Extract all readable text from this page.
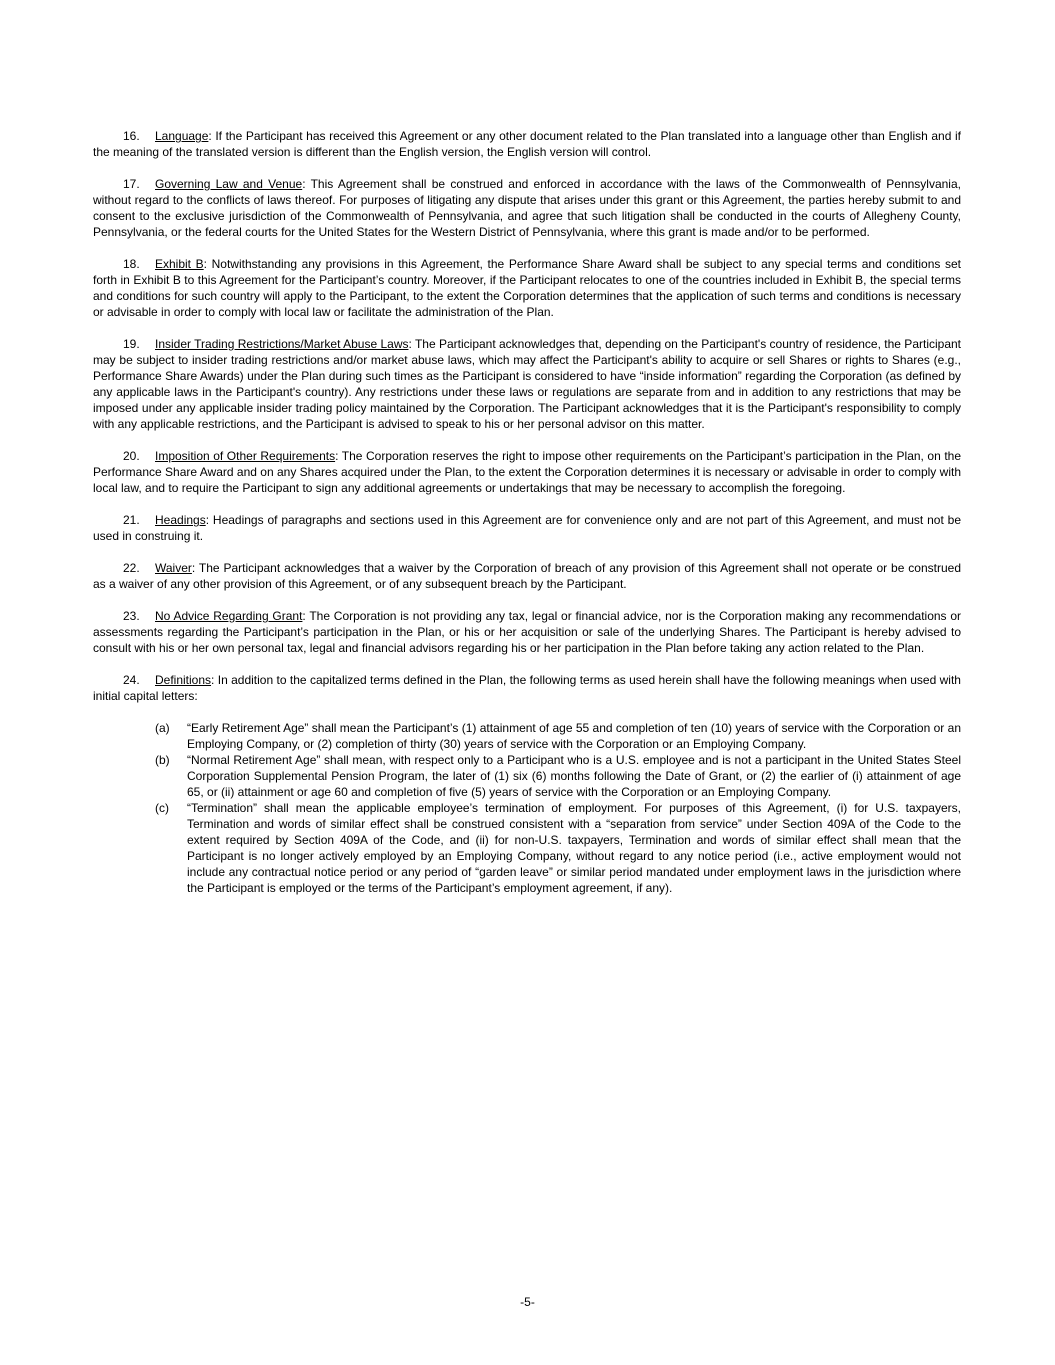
16. Language: If the Participant has received this Agreement or any other document related to the Plan translated into a language other than English and if the meaning of the translated version is different than the English version, the English version will control.

17. Governing Law and Venue: This Agreement shall be construed and enforced in accordance with the laws of the Commonwealth of Pennsylvania, without regard to the conflicts of laws thereof. For purposes of litigating any dispute that arises under this grant or this Agreement, the parties hereby submit to and consent to the exclusive jurisdiction of the Commonwealth of Pennsylvania, and agree that such litigation shall be conducted in the courts of Allegheny County, Pennsylvania, or the federal courts for the United States for the Western District of Pennsylvania, where this grant is made and/or to be performed.

18. Exhibit B: Notwithstanding any provisions in this Agreement, the Performance Share Award shall be subject to any special terms and conditions set forth in Exhibit B to this Agreement for the Participant’s country. Moreover, if the Participant relocates to one of the countries included in Exhibit B, the special terms and conditions for such country will apply to the Participant, to the extent the Corporation determines that the application of such terms and conditions is necessary or advisable in order to comply with local law or facilitate the administration of the Plan.

19. Insider Trading Restrictions/Market Abuse Laws: The Participant acknowledges that, depending on the Participant's country of residence, the Participant may be subject to insider trading restrictions and/or market abuse laws, which may affect the Participant's ability to acquire or sell Shares or rights to Shares (e.g., Performance Share Awards) under the Plan during such times as the Participant is considered to have “inside information” regarding the Corporation (as defined by any applicable laws in the Participant's country). Any restrictions under these laws or regulations are separate from and in addition to any restrictions that may be imposed under any applicable insider trading policy maintained by the Corporation. The Participant acknowledges that it is the Participant's responsibility to comply with any applicable restrictions, and the Participant is advised to speak to his or her personal advisor on this matter.

20. Imposition of Other Requirements: The Corporation reserves the right to impose other requirements on the Participant’s participation in the Plan, on the Performance Share Award and on any Shares acquired under the Plan, to the extent the Corporation determines it is necessary or advisable in order to comply with local law, and to require the Participant to sign any additional agreements or undertakings that may be necessary to accomplish the foregoing.

21. Headings: Headings of paragraphs and sections used in this Agreement are for convenience only and are not part of this Agreement, and must not be used in construing it.

22. Waiver: The Participant acknowledges that a waiver by the Corporation of breach of any provision of this Agreement shall not operate or be construed as a waiver of any other provision of this Agreement, or of any subsequent breach by the Participant.

23. No Advice Regarding Grant: The Corporation is not providing any tax, legal or financial advice, nor is the Corporation making any recommendations or assessments regarding the Participant’s participation in the Plan, or his or her acquisition or sale of the underlying Shares. The Participant is hereby advised to consult with his or her own personal tax, legal and financial advisors regarding his or her participation in the Plan before taking any action related to the Plan.

24. Definitions: In addition to the capitalized terms defined in the Plan, the following terms as used herein shall have the following meanings when used with initial capital letters:

(a)	“Early Retirement Age” shall mean the Participant’s (1) attainment of age 55 and completion of ten (10) years of service with the Corporation or an Employing Company, or (2) completion of thirty (30) years of service with the Corporation or an Employing Company.
(b)	“Normal Retirement Age” shall mean, with respect only to a Participant who is a U.S. employee and is not a participant in the United States Steel Corporation Supplemental Pension Program, the later of (1) six (6) months following the Date of Grant, or (2) the earlier of (i) attainment of age 65, or (ii) attainment or age 60 and completion of five (5) years of service with the Corporation or an Employing Company.
(c)	“Termination” shall mean the applicable employee’s termination of employment. For purposes of this Agreement, (i) for U.S. taxpayers, Termination and words of similar effect shall be construed consistent with a “separation from service” under Section 409A of the Code to the extent required by Section 409A of the Code, and (ii) for non-U.S. taxpayers, Termination and words of similar effect shall mean that the Participant is no longer actively employed by an Employing Company, without regard to any notice period (i.e., active employment would not include any contractual notice period or any period of “garden leave” or similar period mandated under employment laws in the jurisdiction where the Participant is employed or the terms of the Participant’s employment agreement, if any).
-5-
